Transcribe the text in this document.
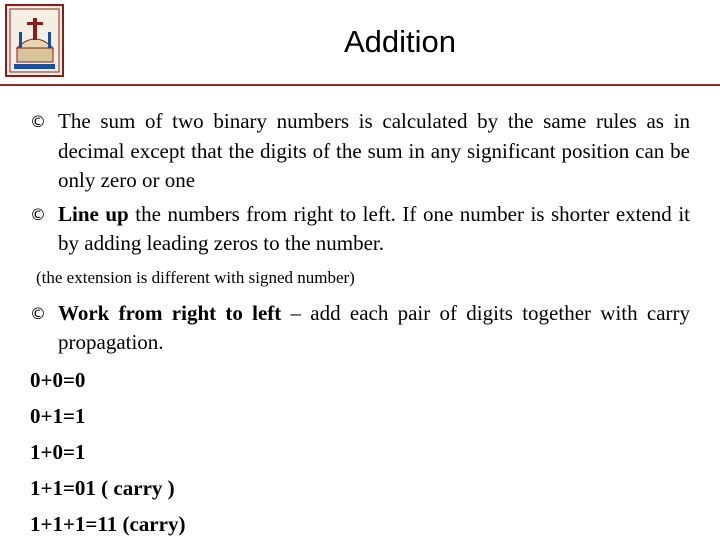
Addition
© The sum of two binary numbers is calculated by the same rules as in decimal except that the digits of the sum in any significant position can be only zero or one
© Line up the numbers from right to left. If one number is shorter extend it by adding leading zeros to the number.
(the extension is different with signed number)
© Work from right to left – add each pair of digits together with carry propagation.
0+0=0
0+1=1
1+0=1
1+1=01 ( carry )
1+1+1=11 (carry)
